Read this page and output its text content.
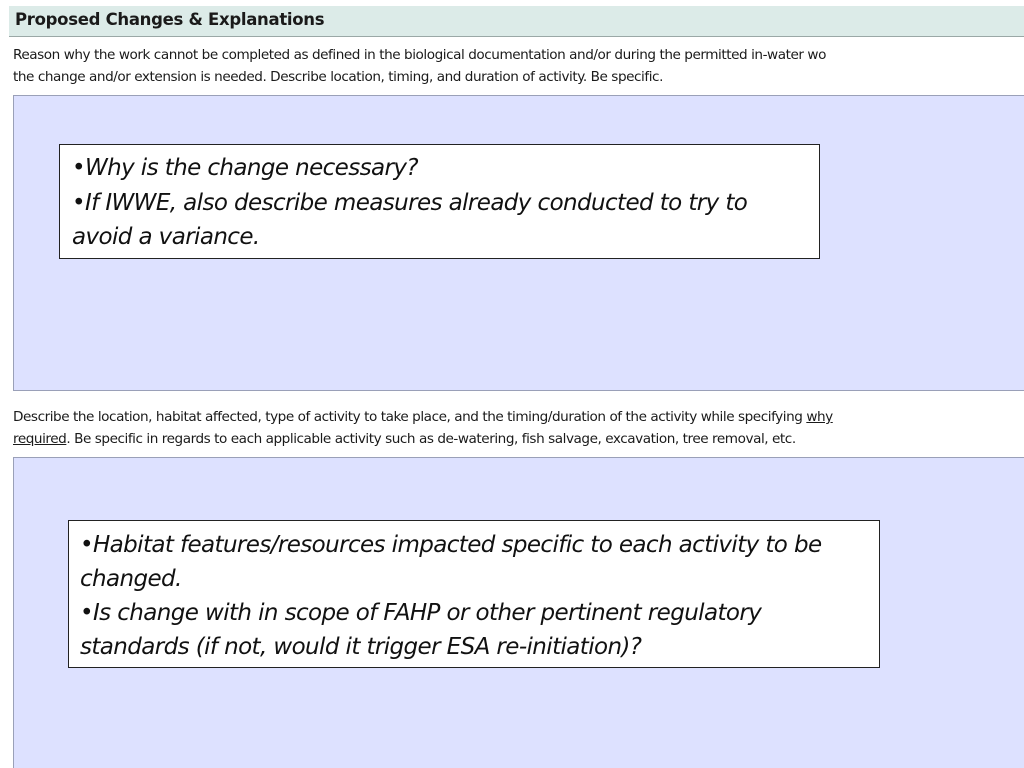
Proposed Changes & Explanations
Reason why the work cannot be completed as defined in the biological documentation and/or during the permitted in-water wo
the change and/or extension is needed. Describe location, timing, and duration of activity. Be specific.
Describe the location, habitat affected, type of activity to take place, and the timing/duration of the activity while specifying why
required. Be specific in regards to each applicable activity such as de-watering, fish salvage, excavation, tree removal, etc.
•Why is the change necessary?
•If IWWE, also describe measures already conducted to try to avoid a variance.
•Habitat features/resources impacted specific to each activity to be changed.
•Is change with in scope of FAHP or other pertinent regulatory standards (if not, would it trigger ESA re-initiation)?
